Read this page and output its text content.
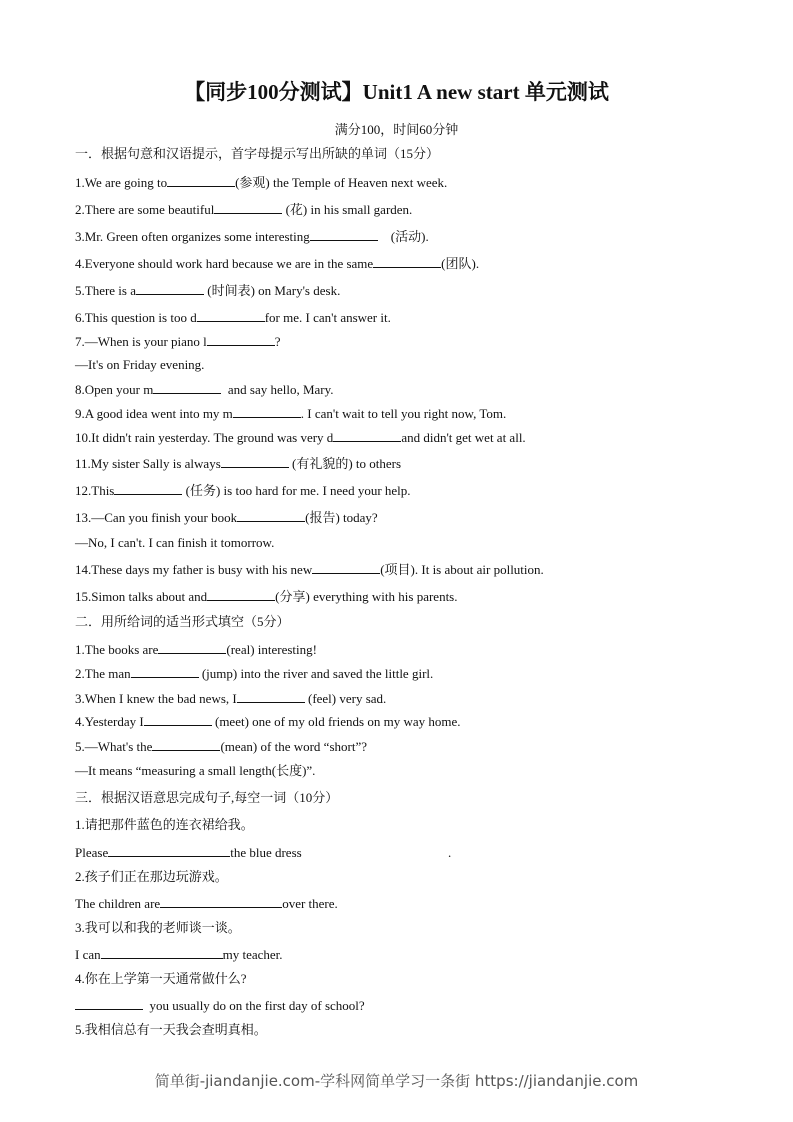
【同步100分测试】Unit1 A new start 单元测试
满分100，时间60分钟
一．根据句意和汉语提示，首字母提示写出所缺的单词（15分）
1.We are going to	(参观) the Temple of Heaven next week.
2.There are some beautiful	(花) in his small garden.
3.Mr. Green often organizes some interesting	(活动).
4.Everyone should work hard because we are in the same	(团队).
5.There is a	(时间表) on Mary's desk.
6.This question is too d	for me. I can't answer it.
7.—When is your piano l	?
—It's on Friday evening.
8.Open your m	and say hello, Mary.
9.A good idea went into my m	. I can't wait to tell you right now, Tom.
10.It didn't rain yesterday. The ground was very d	and didn't get wet at all.
11.My sister Sally is always	(有礼貌的) to others
12.This	(任务) is too hard for me. I need your help.
13.—Can you finish your book	(报告) today?
—No, I can't. I can finish it tomorrow.
14.These days my father is busy with his new	(项目). It is about air pollution.
15.Simon talks about and	(分享) everything with his parents.
二．用所给词的适当形式填空（5分）
1.The books are	(real) interesting!
2.The man	(jump) into the river and saved the little girl.
3.When I knew the bad news, I	(feel) very sad.
4.Yesterday I	(meet) one of my old friends on my way home.
5.—What's the	(mean) of the word “short”?
—It means “measuring a small length(长度)”.
三．根据汉语意思完成句子,每空一词（10分）
1.请把那件蓝色的连衣裙给我。
Please	the blue dress                                             .
2.孩子们正在那边玩游戏。
The children are	over there.
3.我可以和我的老师谈一谈。
I can	my teacher.
4.你在上学第一天通常做什么?
you usually do on the first day of school?
5.我相信总有一天我会查明真相。
简单街-jiandanjie.com-学科网简单学习一条街 https://jiandanjie.com
